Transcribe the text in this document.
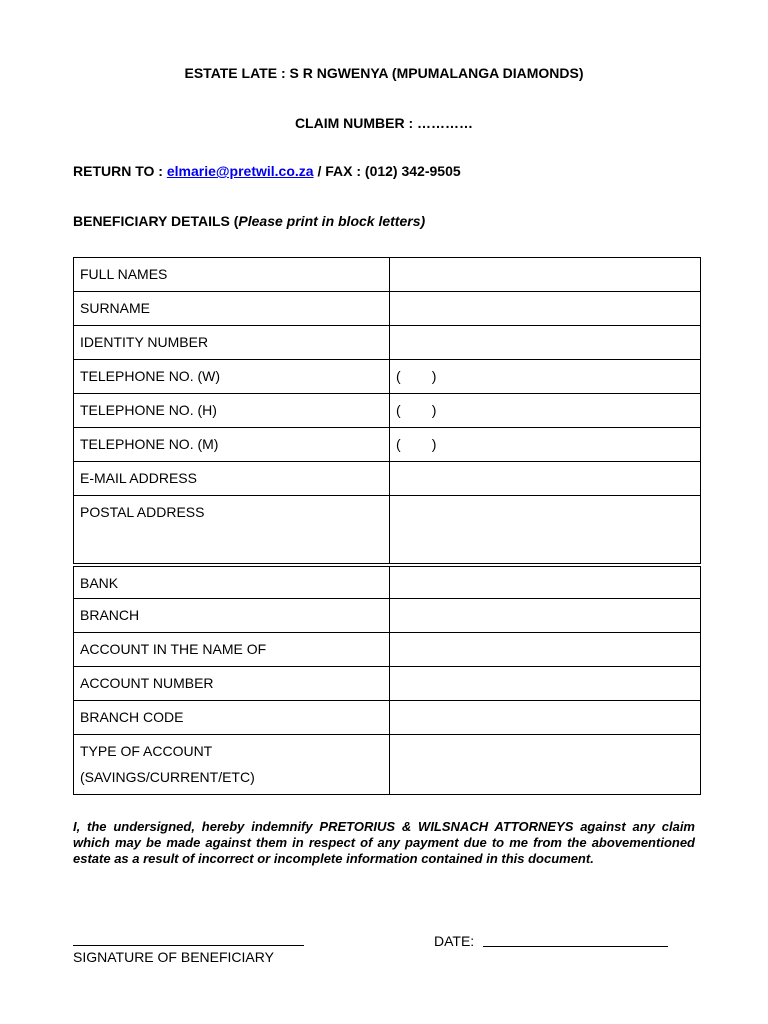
ESTATE LATE : S R NGWENYA (MPUMALANGA DIAMONDS)
CLAIM NUMBER : …………
RETURN TO : elmarie@pretwil.co.za / FAX : (012) 342-9505
BENEFICIARY DETAILS (Please print in block letters)
FULL NAMES	
SURNAME	
IDENTITY NUMBER	
TELEPHONE NO. (W)	(        )
TELEPHONE NO. (H)	(        )
TELEPHONE NO. (M)	(        )
E-MAIL ADDRESS	
POSTAL ADDRESS	
BANK	
BRANCH	
ACCOUNT IN THE NAME OF	
ACCOUNT NUMBER	
BRANCH CODE	

TYPE OF ACCOUNT
(SAVINGS/CURRENT/ETC)	

I, the undersigned, hereby indemnify PRETORIUS & WILSNACH ATTORNEYS against any claim which may be made against them in respect of any payment due to me from the abovementioned estate as a result of incorrect or incomplete information contained in this document.
SIGNATURE OF BENEFICIARY
DATE:
